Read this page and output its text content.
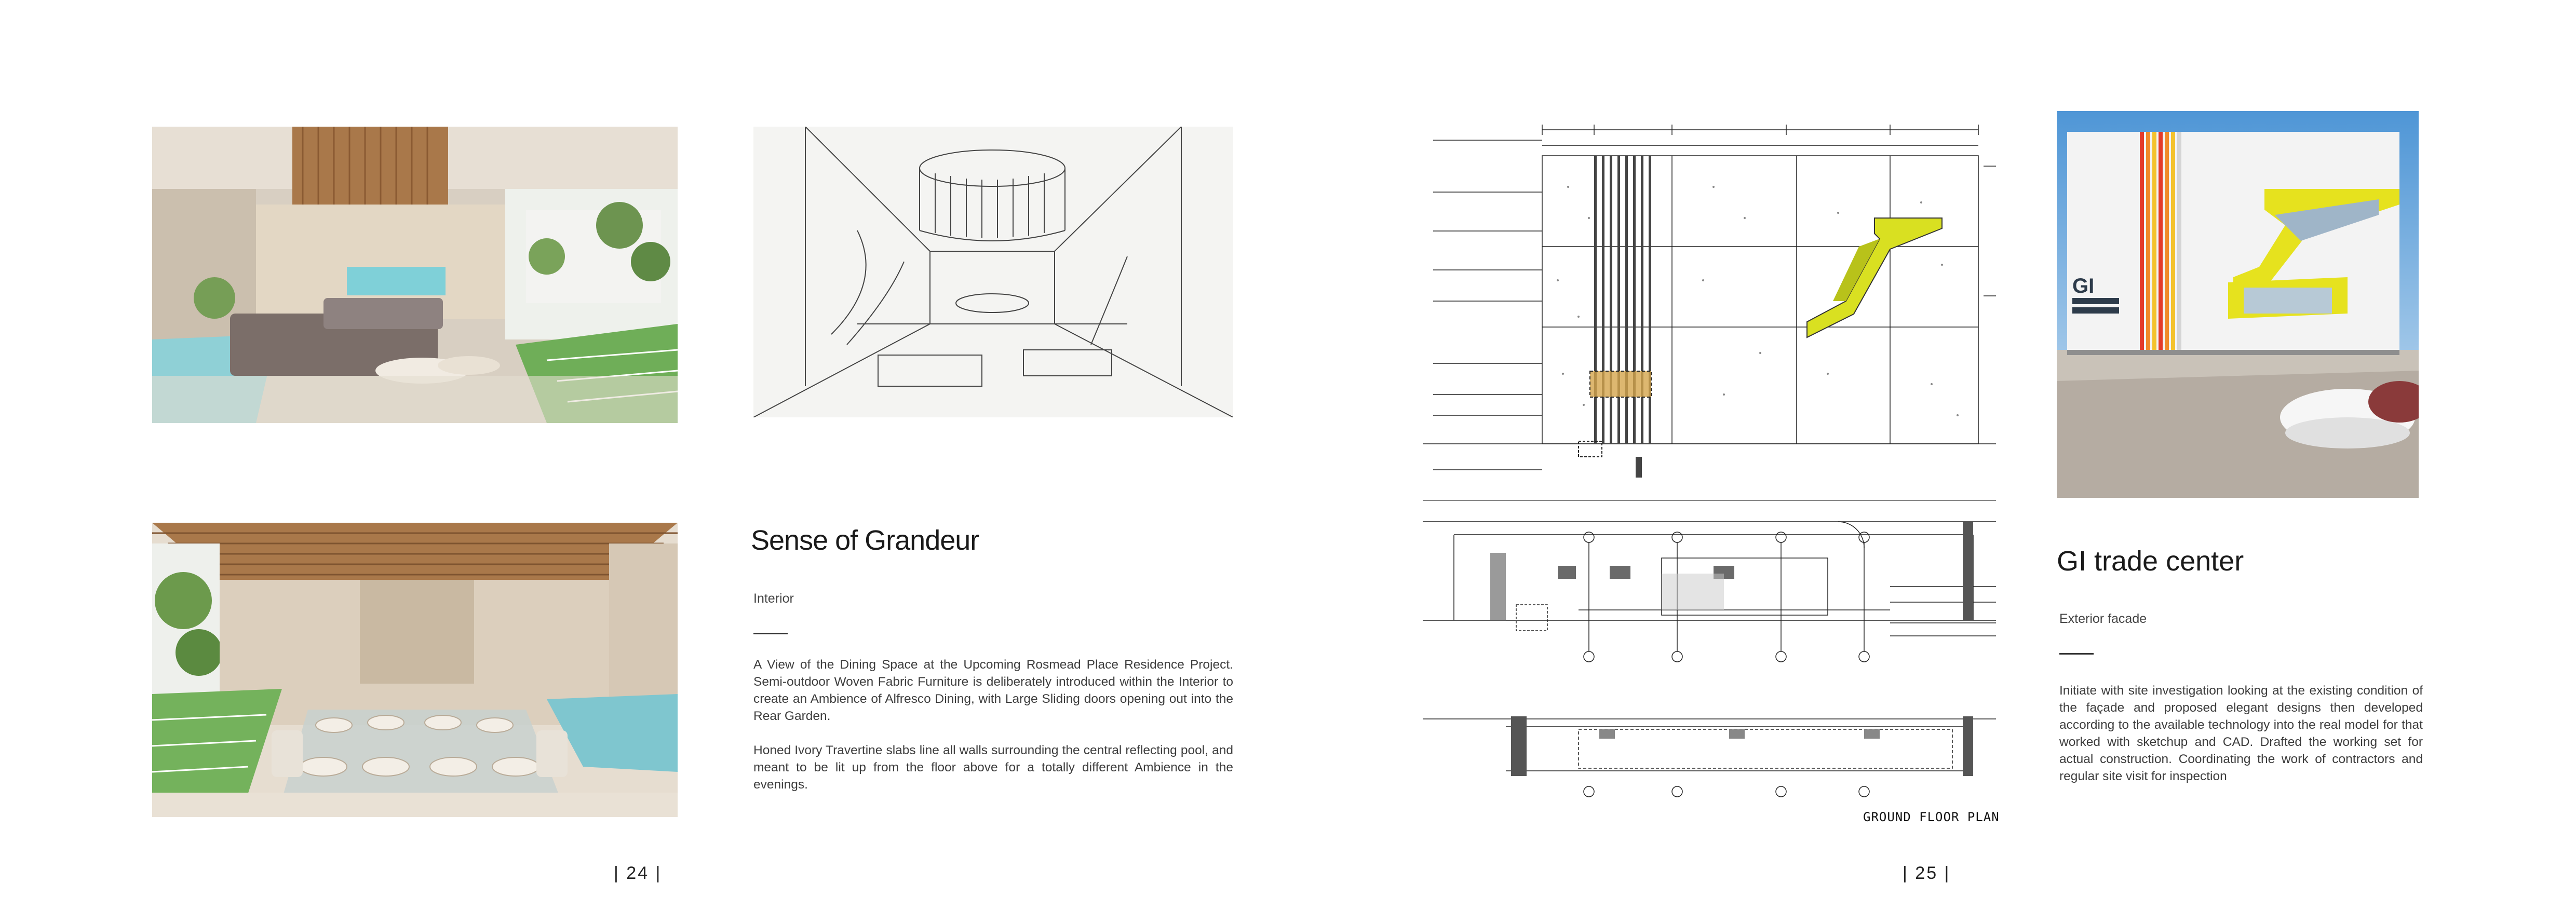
Sense of Grandeur
Interior

A View of the Dining Space at the Upcoming Rosmead Place Residence Project. Semi-outdoor Woven Fabric Furniture is deliberately introduced within the Interior to create an Ambience of Alfresco Dining, with Large Sliding doors opening out into the Rear Garden.

Honed Ivory Travertine slabs line all walls surrounding the central reflecting pool, and meant to be lit up from the floor above for a totally different Ambience in the evenings.

| 24 |
GROUND FLOOR PLAN
GI
GI trade center
Exterior facade
Initiate with site investigation looking at the existing condition of the façade and proposed elegant designs then developed according to the available technology into the real model for that worked with sketchup and CAD. Drafted the working set for actual construction. Coordinating the work of contractors and regular site visit for inspection
| 25 |
